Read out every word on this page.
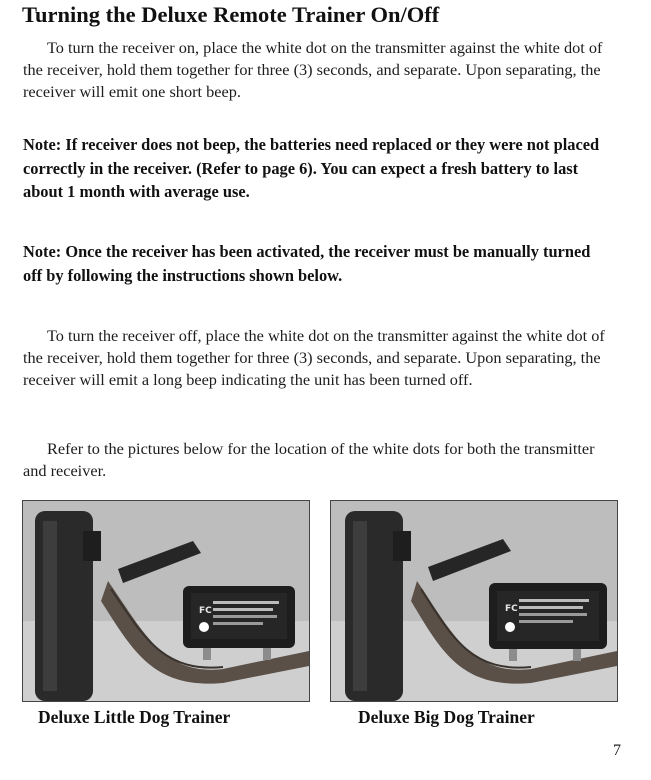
Turning the Deluxe Remote Trainer On/Off

To turn the receiver on, place the white dot on the transmitter against the white dot of the receiver, hold them together for three (3) seconds, and separate. Upon separating, the receiver will emit one short beep.

Note: If receiver does not beep, the batteries need replaced or they were not placed correctly in the receiver. (Refer to page 6). You can expect a fresh battery to last about 1 month with average use.

Note: Once the receiver has been activated, the receiver must be manually turned off by following the instructions shown below.

To turn the receiver off, place the white dot on the transmitter against the white dot of the receiver, hold them together for three (3) seconds, and separate. Upon separating, the receiver will emit a long beep indicating the unit has been turned off.

Refer to the pictures below for the location of the white dots for both the transmitter and receiver.

FC	FC

Deluxe Little Dog Trainer	Deluxe Big Dog Trainer

7
